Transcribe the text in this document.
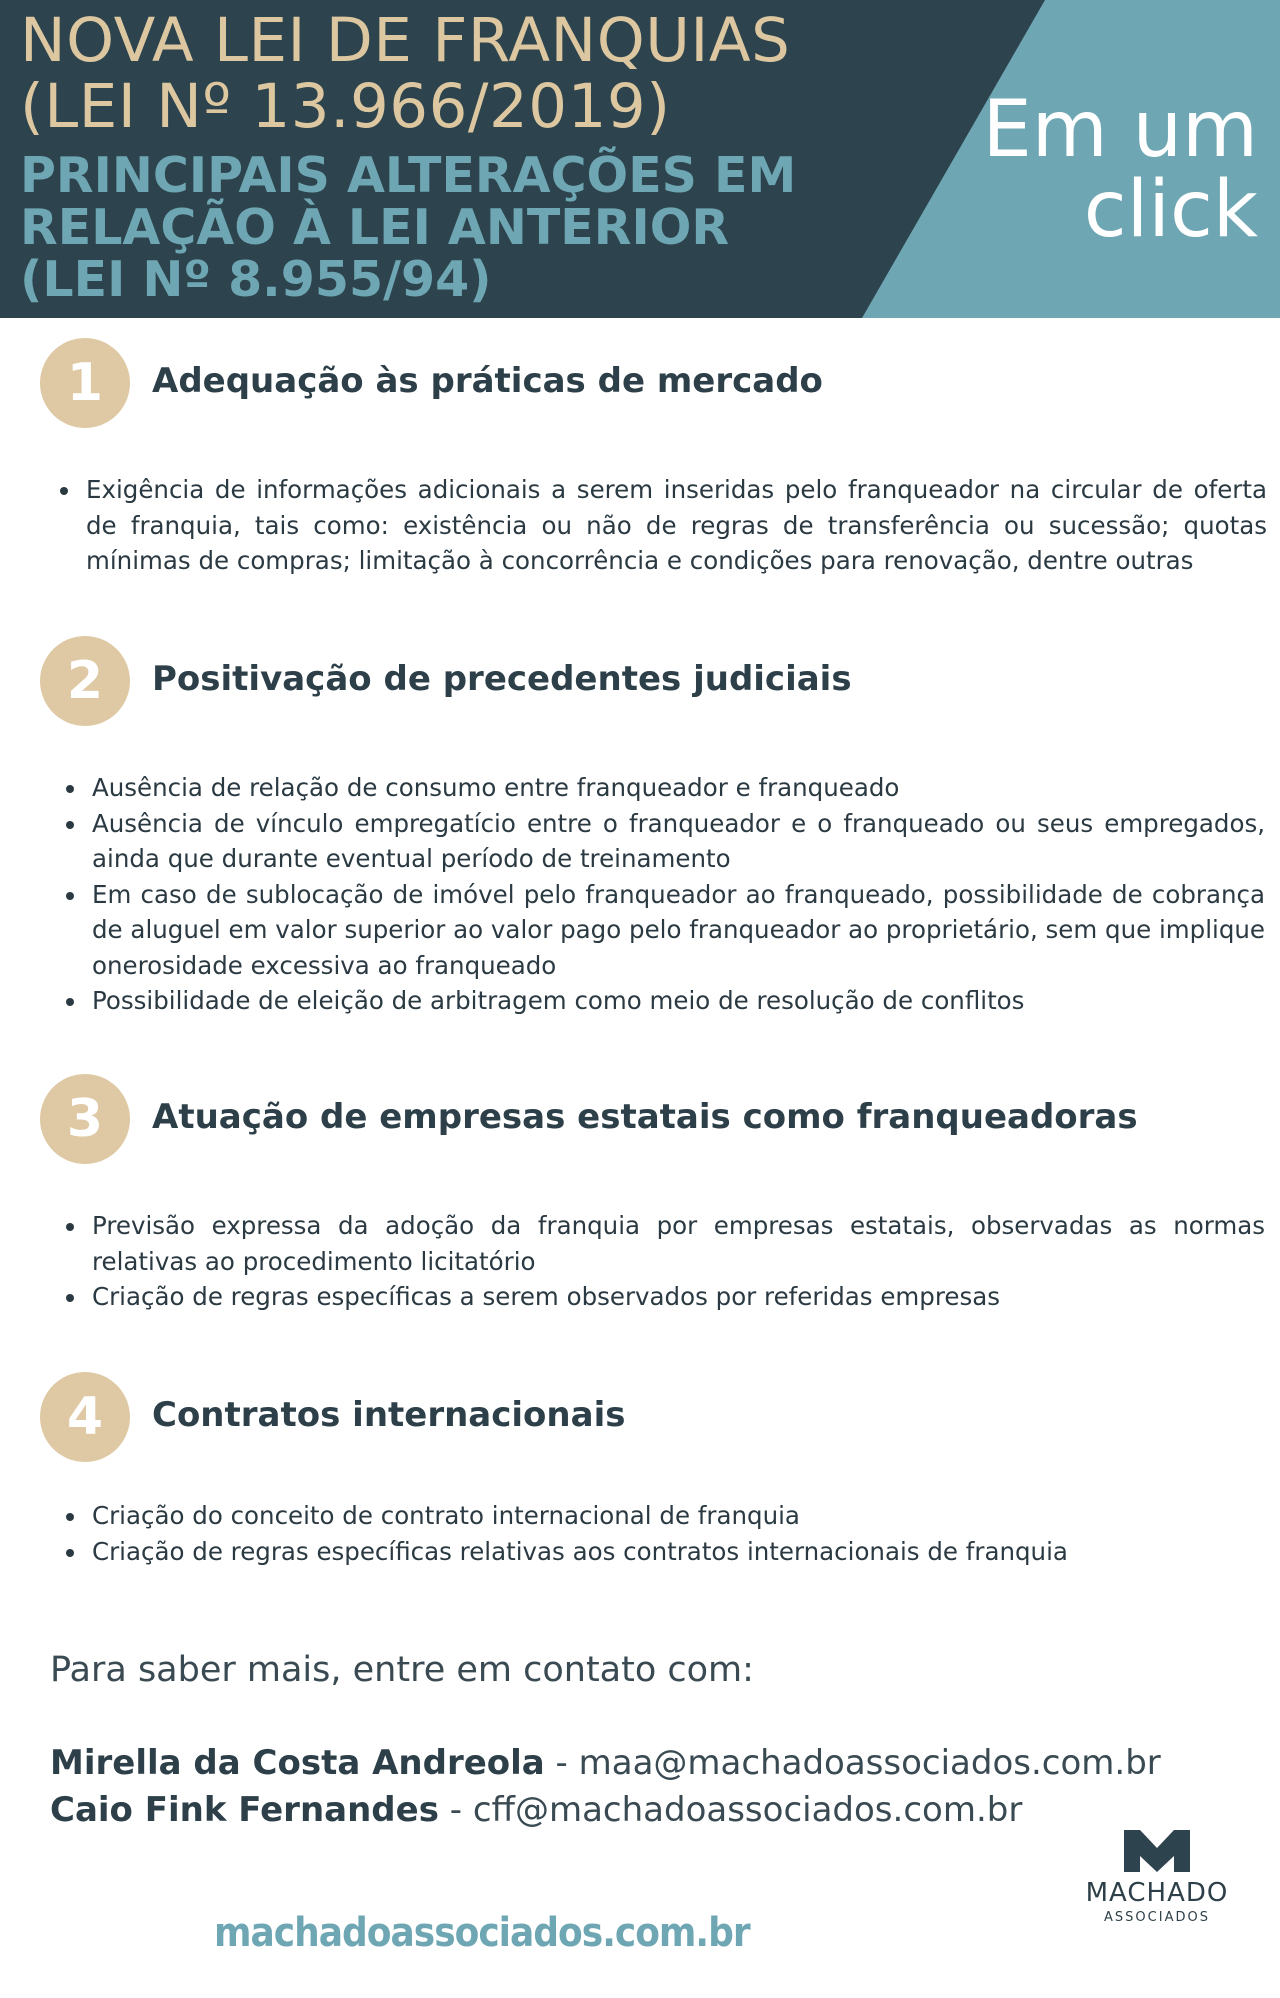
NOVA LEI DE FRANQUIAS
(LEI Nº 13.966/2019)
PRINCIPAIS ALTERAÇÕES EM
RELAÇÃO À LEI ANTERIOR
(LEI Nº 8.955/94)
Em um
click
1	Adequação às práticas de mercado
• Exigência de informações adicionais a serem inseridas pelo franqueador na circular de oferta de franquia, tais como: existência ou não de regras de transferência ou sucessão; quotas mínimas de compras; limitação à concorrência e condições para renovação, dentre outras
2	Positivação de precedentes judiciais
• Ausência de relação de consumo entre franqueador e franqueado
• Ausência de vínculo empregatício entre o franqueador e o franqueado ou seus empregados, ainda que durante eventual período de treinamento
• Em caso de sublocação de imóvel pelo franqueador ao franqueado, possibilidade de cobrança de aluguel em valor superior ao valor pago pelo franqueador ao proprietário, sem que implique onerosidade excessiva ao franqueado
• Possibilidade de eleição de arbitragem como meio de resolução de conflitos
3	Atuação de empresas estatais como franqueadoras
• Previsão expressa da adoção da franquia por empresas estatais, observadas as normas relativas ao procedimento licitatório
• Criação de regras específicas a serem observados por referidas empresas
4	Contratos internacionais
• Criação do conceito de contrato internacional de franquia
• Criação de regras específicas relativas aos contratos internacionais de franquia
Para saber mais, entre em contato com:
Mirella da Costa Andreola - maa@machadoassociados.com.br
Caio Fink Fernandes - cff@machadoassociados.com.br
machadoassociados.com.br
MACHADO
ASSOCIADOS
